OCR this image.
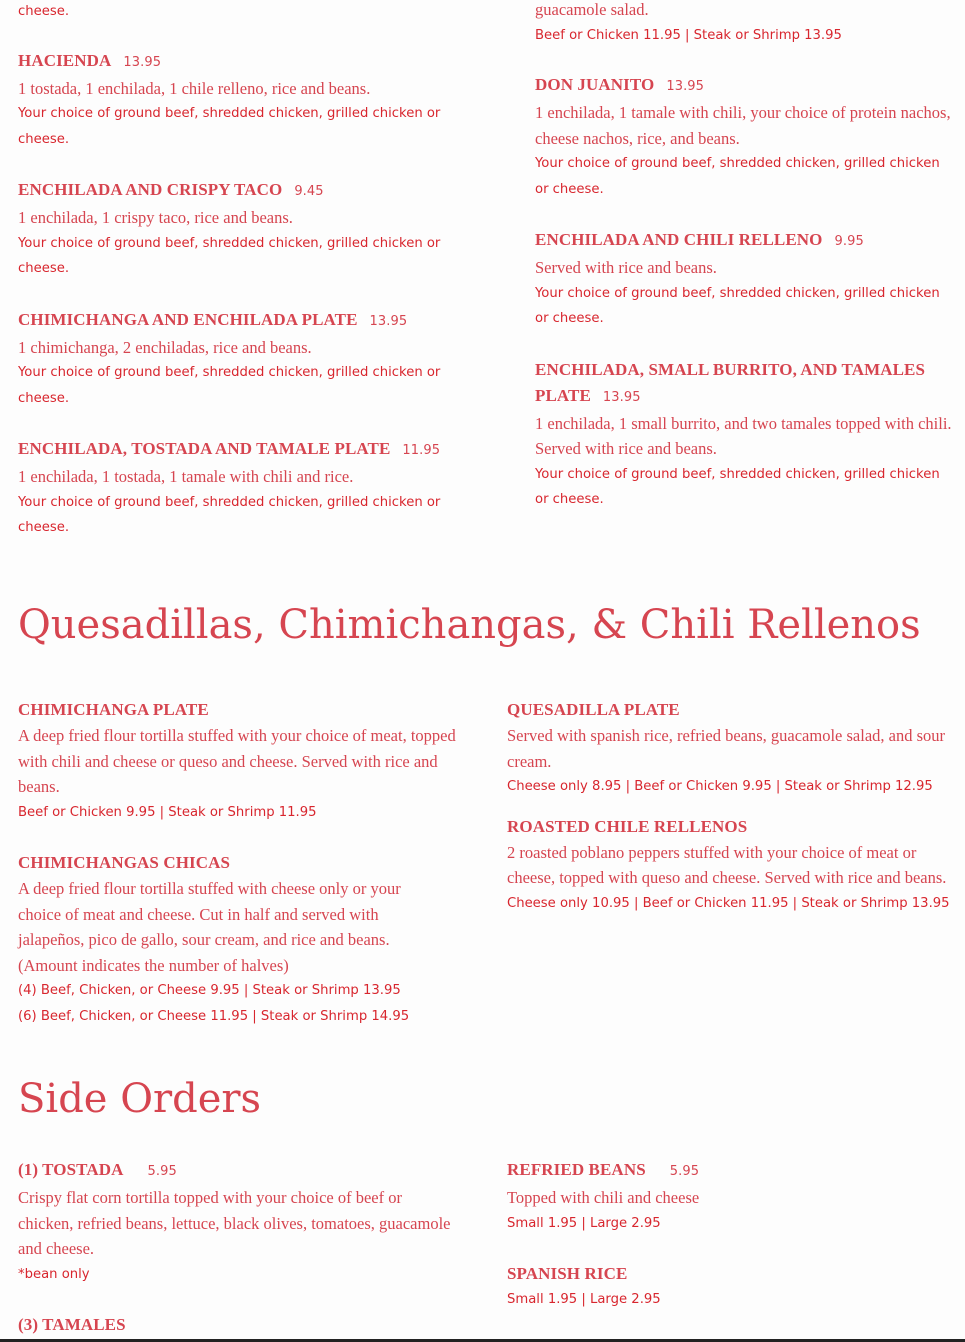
cheese.
HACIENDA 13.95
1 tostada, 1 enchilada, 1 chile relleno, rice and beans.
Your choice of ground beef, shredded chicken, grilled chicken or cheese.
ENCHILADA AND CRISPY TACO 9.45
1 enchilada, 1 crispy taco, rice and beans.
Your choice of ground beef, shredded chicken, grilled chicken or cheese.
CHIMICHANGA AND ENCHILADA PLATE 13.95
1 chimichanga, 2 enchiladas, rice and beans.
Your choice of ground beef, shredded chicken, grilled chicken or cheese.
ENCHILADA, TOSTADA AND TAMALE PLATE 11.95
1 enchilada, 1 tostada, 1 tamale with chili and rice.
Your choice of ground beef, shredded chicken, grilled chicken or cheese.
guacamole salad.
Beef or Chicken 11.95 | Steak or Shrimp 13.95
DON JUANITO 13.95
1 enchilada, 1 tamale with chili, your choice of protein nachos, cheese nachos, rice, and beans.
Your choice of ground beef, shredded chicken, grilled chicken or cheese.
ENCHILADA AND CHILI RELLENO 9.95
Served with rice and beans.
Your choice of ground beef, shredded chicken, grilled chicken or cheese.
ENCHILADA, SMALL BURRITO, AND TAMALES PLATE 13.95
1 enchilada, 1 small burrito, and two tamales topped with chili. Served with rice and beans.
Your choice of ground beef, shredded chicken, grilled chicken or cheese.
Quesadillas, Chimichangas, & Chili Rellenos
CHIMICHANGA PLATE
A deep fried flour tortilla stuffed with your choice of meat, topped with chili and cheese or queso and cheese. Served with rice and beans.
Beef or Chicken 9.95 | Steak or Shrimp 11.95
CHIMICHANGAS CHICAS
A deep fried flour tortilla stuffed with cheese only or your choice of meat and cheese. Cut in half and served with jalapeños, pico de gallo, sour cream, and rice and beans. (Amount indicates the number of halves)
(4) Beef, Chicken, or Cheese 9.95 | Steak or Shrimp 13.95
(6) Beef, Chicken, or Cheese 11.95 | Steak or Shrimp 14.95
QUESADILLA PLATE
Served with spanish rice, refried beans, guacamole salad, and sour cream.
Cheese only 8.95 | Beef or Chicken 9.95 | Steak or Shrimp 12.95
ROASTED CHILE RELLENOS
2 roasted poblano peppers stuffed with your choice of meat or cheese, topped with queso and cheese. Served with rice and beans.
Cheese only 10.95 | Beef or Chicken 11.95 | Steak or Shrimp 13.95
Side Orders
(1) TOSTADA 5.95
Crispy flat corn tortilla topped with your choice of beef or chicken, refried beans, lettuce, black olives, tomatoes, guacamole and cheese.
*bean only
(3) TAMALES
REFRIED BEANS 5.95
Topped with chili and cheese
Small 1.95 | Large 2.95
SPANISH RICE
Small 1.95 | Large 2.95
